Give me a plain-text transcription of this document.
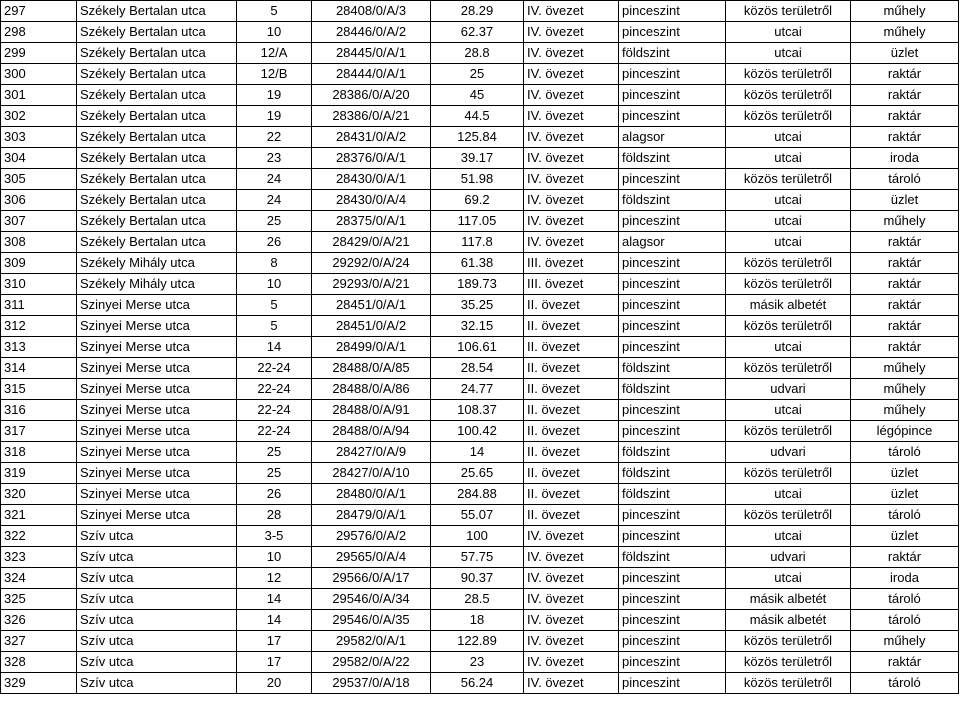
297	Székely Bertalan utca	5	28408/0/A/3	28.29	IV. övezet	pinceszint	közös területről	műhely
298	Székely Bertalan utca	10	28446/0/A/2	62.37	IV. övezet	pinceszint	utcai	műhely
299	Székely Bertalan utca	12/A	28445/0/A/1	28.8	IV. övezet	földszint	utcai	üzlet
300	Székely Bertalan utca	12/B	28444/0/A/1	25	IV. övezet	pinceszint	közös területről	raktár
301	Székely Bertalan utca	19	28386/0/A/20	45	IV. övezet	pinceszint	közös területről	raktár
302	Székely Bertalan utca	19	28386/0/A/21	44.5	IV. övezet	pinceszint	közös területről	raktár
303	Székely Bertalan utca	22	28431/0/A/2	125.84	IV. övezet	alagsor	utcai	raktár
304	Székely Bertalan utca	23	28376/0/A/1	39.17	IV. övezet	földszint	utcai	iroda
305	Székely Bertalan utca	24	28430/0/A/1	51.98	IV. övezet	pinceszint	közös területről	tároló
306	Székely Bertalan utca	24	28430/0/A/4	69.2	IV. övezet	földszint	utcai	üzlet
307	Székely Bertalan utca	25	28375/0/A/1	117.05	IV. övezet	pinceszint	utcai	műhely
308	Székely Bertalan utca	26	28429/0/A/21	117.8	IV. övezet	alagsor	utcai	raktár
309	Székely Mihály utca	8	29292/0/A/24	61.38	III. övezet	pinceszint	közös területről	raktár
310	Székely Mihály utca	10	29293/0/A/21	189.73	III. övezet	pinceszint	közös területről	raktár
311	Szinyei Merse utca	5	28451/0/A/1	35.25	II. övezet	pinceszint	másik albetét	raktár
312	Szinyei Merse utca	5	28451/0/A/2	32.15	II. övezet	pinceszint	közös területről	raktár
313	Szinyei Merse utca	14	28499/0/A/1	106.61	II. övezet	pinceszint	utcai	raktár
314	Szinyei Merse utca	22-24	28488/0/A/85	28.54	II. övezet	földszint	közös területről	műhely
315	Szinyei Merse utca	22-24	28488/0/A/86	24.77	II. övezet	földszint	udvari	műhely
316	Szinyei Merse utca	22-24	28488/0/A/91	108.37	II. övezet	pinceszint	utcai	műhely
317	Szinyei Merse utca	22-24	28488/0/A/94	100.42	II. övezet	pinceszint	közös területről	légópince
318	Szinyei Merse utca	25	28427/0/A/9	14	II. övezet	földszint	udvari	tároló
319	Szinyei Merse utca	25	28427/0/A/10	25.65	II. övezet	földszint	közös területről	üzlet
320	Szinyei Merse utca	26	28480/0/A/1	284.88	II. övezet	földszint	utcai	üzlet
321	Szinyei Merse utca	28	28479/0/A/1	55.07	II. övezet	pinceszint	közös területről	tároló
322	Szív utca	3-5	29576/0/A/2	100	IV. övezet	pinceszint	utcai	üzlet
323	Szív utca	10	29565/0/A/4	57.75	IV. övezet	földszint	udvari	raktár
324	Szív utca	12	29566/0/A/17	90.37	IV. övezet	pinceszint	utcai	iroda
325	Szív utca	14	29546/0/A/34	28.5	IV. övezet	pinceszint	másik albetét	tároló
326	Szív utca	14	29546/0/A/35	18	IV. övezet	pinceszint	másik albetét	tároló
327	Szív utca	17	29582/0/A/1	122.89	IV. övezet	pinceszint	közös területről	műhely
328	Szív utca	17	29582/0/A/22	23	IV. övezet	pinceszint	közös területről	raktár
329	Szív utca	20	29537/0/A/18	56.24	IV. övezet	pinceszint	közös területről	tároló
